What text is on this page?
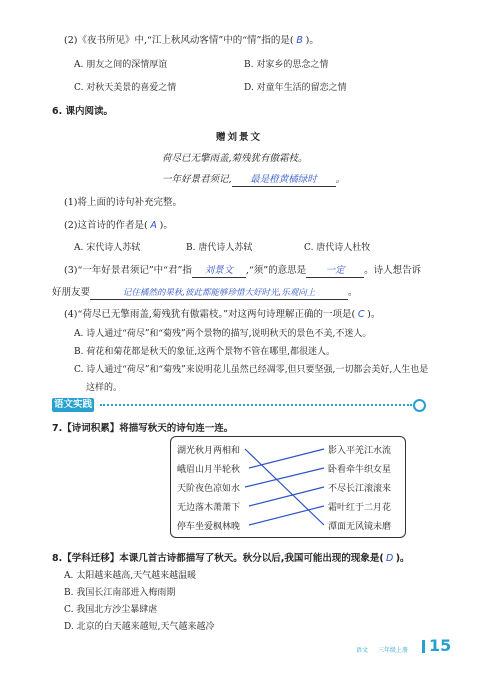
(2)《夜书所见》中,“江上秋风动客情”中的“情”指的是( B )。
A. 朋友之间的深情厚谊	B. 对家乡的思念之情
C. 对秋天美景的喜爱之情	D. 对童年生活的留恋之情
6. 课内阅读。
赠刘景文
荷尽已无擎雨盖,菊残犹有傲霜枝。
一年好景君须记, 最是橙黄橘绿时 。
(1)将上面的诗句补充完整。
(2)这首诗的作者是( A )。
A. 宋代诗人苏轼	B. 唐代诗人苏轼	C. 唐代诗人杜牧
(3)“一年好景君须记”中“君”指 刘景文 ,“须”的意思是 一定 。诗人想告诉
好朋友要	记住橘然的果秋,彼此都能够珍惜大好时光,乐观向上	。
(4)“荷尽已无擎雨盖,菊残犹有傲霜枝。”对这两句诗理解正确的一项是( C )。
A. 诗人通过“荷尽”和“菊残”两个景物的描写,说明秋天的景色不美,不迷人。
B. 荷花和菊花都是秋天的象征,这两个景物不管在哪里,都很迷人。
C. 诗人通过“荷尽”和“菊残”来说明花儿虽然已经凋零,但只要坚强,一切都会美好,人生也是
这样的。
语文实践
7.【诗词积累】将描写秋天的诗句连一连。
湖光秋月两相和
峨眉山月半轮秋
天阶夜色凉如水
无边落木萧萧下
停车坐爱枫林晚
影入平羌江水流
卧看牵牛织女星
不尽长江滚滚来
霜叶红于二月花
潭面无风镜未磨
8.【学科迁移】本课几首古诗都描写了秋天。秋分以后,我国可能出现的现象是( D )。
A. 太阳越来越高,天气越来越温暖
B. 我国长江南部进入梅雨期
C. 我国北方沙尘暴肆虐
D. 北京的白天越来越短,天气越来越冷
语文 三年级上册 15
